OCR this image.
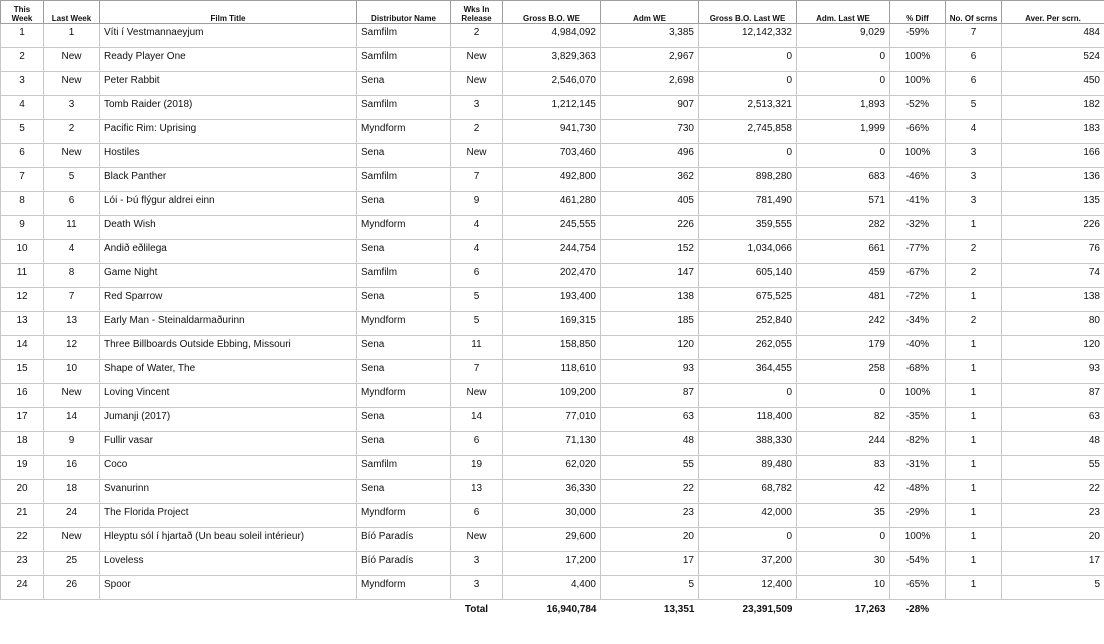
This Week	Last Week	Film Title	Distributor Name	Wks In Release	Gross B.O. WE	Adm WE	Gross B.O. Last WE	Adm. Last WE	% Diff	No. Of scrns	Aver. Per scrn.
1	1	Víti í Vestmannaeyjum	Samfilm	2	4,984,092	3,385	12,142,332	9,029	-59%	7	484
2	New	Ready Player One	Samfilm	New	3,829,363	2,967	0	0	100%	6	524
3	New	Peter Rabbit	Sena	New	2,546,070	2,698	0	0	100%	6	450
4	3	Tomb Raider (2018)	Samfilm	3	1,212,145	907	2,513,321	1,893	-52%	5	182
5	2	Pacific Rim: Uprising	Myndform	2	941,730	730	2,745,858	1,999	-66%	4	183
6	New	Hostiles	Sena	New	703,460	496	0	0	100%	3	166
7	5	Black Panther	Samfilm	7	492,800	362	898,280	683	-46%	3	136
8	6	Lói - Þú flýgur aldrei einn	Sena	9	461,280	405	781,490	571	-41%	3	135
9	11	Death Wish	Myndform	4	245,555	226	359,555	282	-32%	1	226
10	4	Andið eðlilega	Sena	4	244,754	152	1,034,066	661	-77%	2	76
11	8	Game Night	Samfilm	6	202,470	147	605,140	459	-67%	2	74
12	7	Red Sparrow	Sena	5	193,400	138	675,525	481	-72%	1	138
13	13	Early Man - Steinaldarmaðurinn	Myndform	5	169,315	185	252,840	242	-34%	2	80
14	12	Three Billboards Outside Ebbing, Missouri	Sena	11	158,850	120	262,055	179	-40%	1	120
15	10	Shape of Water, The	Sena	7	118,610	93	364,455	258	-68%	1	93
16	New	Loving Vincent	Myndform	New	109,200	87	0	0	100%	1	87
17	14	Jumanji (2017)	Sena	14	77,010	63	118,400	82	-35%	1	63
18	9	Fullir vasar	Sena	6	71,130	48	388,330	244	-82%	1	48
19	16	Coco	Samfilm	19	62,020	55	89,480	83	-31%	1	55
20	18	Svanurinn	Sena	13	36,330	22	68,782	42	-48%	1	22
21	24	The Florida Project	Myndform	6	30,000	23	42,000	35	-29%	1	23
22	New	Hleyptu sól í hjartað (Un beau soleil intérieur)	Bíó Paradís	New	29,600	20	0	0	100%	1	20
23	25	Loveless	Bíó Paradís	3	17,200	17	37,200	30	-54%	1	17
24	26	Spoor	Myndform	3	4,400	5	12,400	10	-65%	1	5
				Total	16,940,784	13,351	23,391,509	17,263	-28%		
